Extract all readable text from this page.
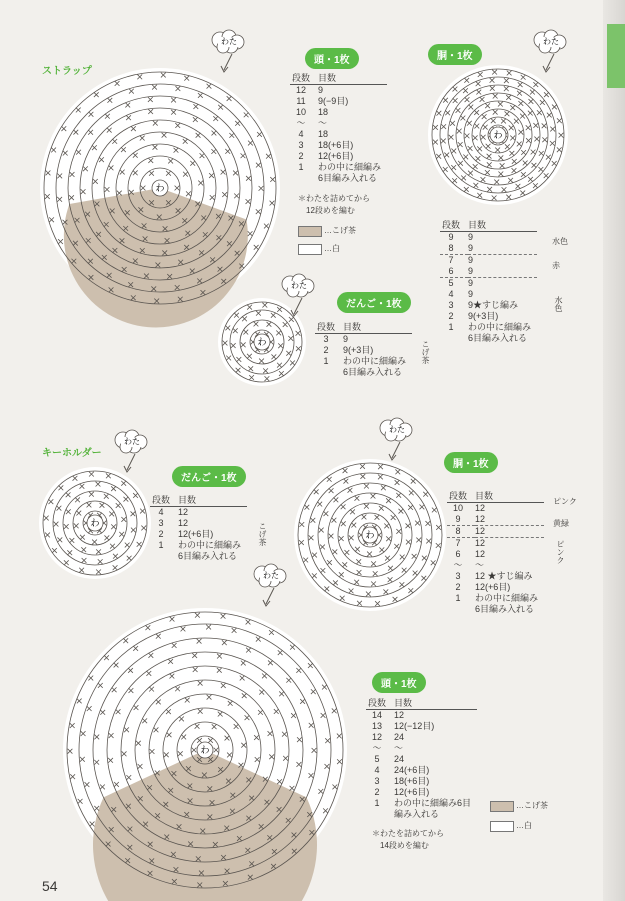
わ
わた
わ
わた
わ
わた
わ
わた
わ
わた
わ
わた
ストラップ
キーホルダー
頭・1枚
段数	目数
12	9
11	9(−9目)
10	18
〜	〜
4	18
3	18(+6目)
2	12(+6目)
1	わの中に細編み
	6目編み入れる
＊わたを詰めてから
12段めを編む
…こげ茶
…白
胴・1枚
段数	目数
9	9
8	9
7	9
6	9
5	9
4	9
3	9★すじ編み
2	9(+3目)
1	わの中に細編み
	6目編み入れる
水色
赤
水色
だんご・1枚
段数	目数
3	9
2	9(+3目)
1	わの中に細編み
	6目編み入れる
こげ茶
だんご・1枚
段数	目数
4	12
3	12
2	12(+6目)
1	わの中に細編み
	6目編み入れる
こげ茶
胴・1枚
段数	目数
10	12
9	12
8	12
7	12
6	12
〜	〜
3	12 ★すじ編み
2	12(+6目)
1	わの中に細編み
	6目編み入れる
ピンク
黄緑
ピンク
頭・1枚
段数	目数
14	12
13	12(−12目)
12	24
〜	〜
5	24
4	24(+6目)
3	18(+6目)
2	12(+6目)
1	わの中に細編み6目
	編み入れる
＊わたを詰めてから
14段めを編む
…こげ茶
…白
54
